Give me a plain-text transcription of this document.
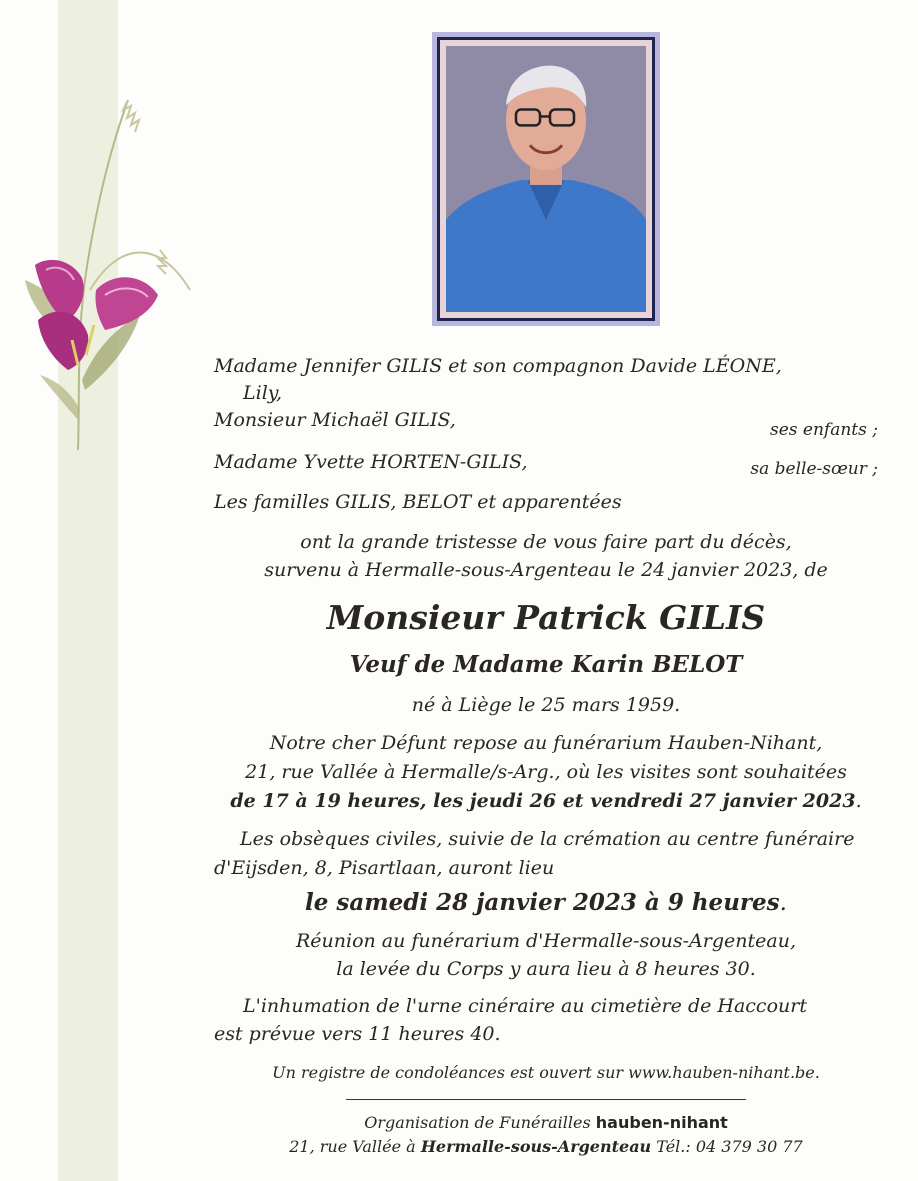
Madame Jennifer GILIS et son compagnon Davide LÉONE,

Lily,

Monsieur Michaël GILIS,	ses enfants ;

Madame Yvette HORTEN-GILIS,	sa belle-sœur ;

Les familles GILIS, BELOT et apparentées

ont la grande tristesse de vous faire part du décès,

survenu à Hermalle-sous-Argenteau le 24 janvier 2023, de

Monsieur Patrick GILIS

Veuf de Madame Karin BELOT

né à Liège le 25 mars 1959.

Notre cher Défunt repose au funérarium Hauben-Nihant,

21, rue Vallée à Hermalle/s-Arg., où les visites sont souhaitées

de 17 à 19 heures, les jeudi 26 et vendredi 27 janvier 2023.

Les obsèques civiles, suivie de la crémation au centre funéraire

d'Eijsden, 8, Pisartlaan, auront lieu

le samedi 28 janvier 2023 à 9 heures.

Réunion au funérarium d'Hermalle-sous-Argenteau,

la levée du Corps y aura lieu à 8 heures 30.

L'inhumation de l'urne cinéraire au cimetière de Haccourt

est prévue vers 11 heures 40.

Un registre de condoléances est ouvert sur www.hauben-nihant.be.

Organisation de Funérailles hauben-nihant

21, rue Vallée à Hermalle-sous-Argenteau Tél.: 04 379 30 77
